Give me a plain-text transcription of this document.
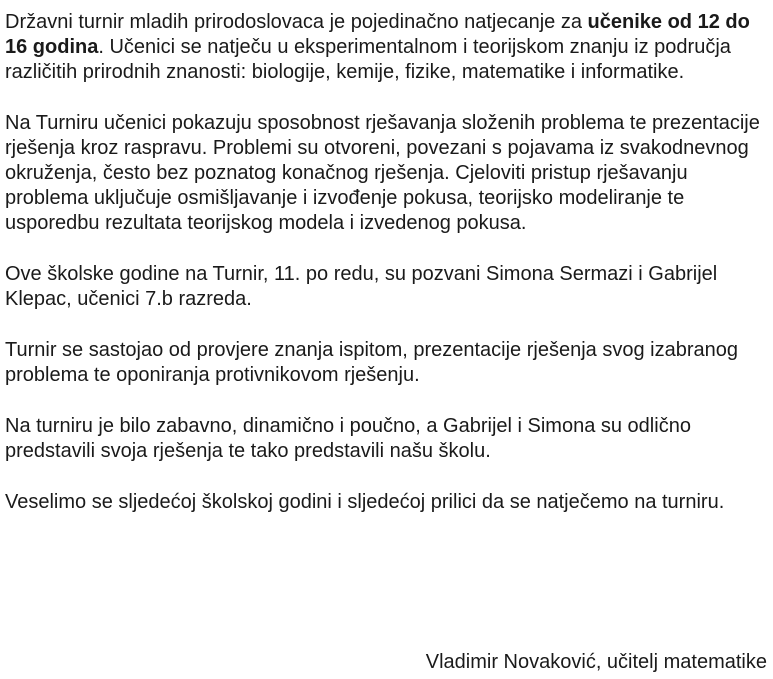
Državni turnir mladih prirodoslovaca je pojedinačno natjecanje za učenike od 12 do 16 godina. Učenici se natječu u eksperimentalnom i teorijskom znanju iz područja različitih prirodnih znanosti: biologije, kemije, fizike, matematike i informatike.

Na Turniru učenici pokazuju sposobnost rješavanja složenih problema te prezentacije rješenja kroz raspravu. Problemi su otvoreni, povezani s pojavama iz svakodnevnog okruženja, često bez poznatog konačnog rješenja. Cjeloviti pristup rješavanju problema uključuje osmišljavanje i izvođenje pokusa, teorijsko modeliranje te usporedbu rezultata teorijskog modela i izvedenog pokusa.

Ove školske godine na Turnir, 11. po redu, su pozvani Simona Sermazi i Gabrijel Klepac, učenici 7.b razreda.

Turnir se sastojao od provjere znanja ispitom, prezentacije rješenja svog izabranog problema te oponiranja protivnikovom rješenju.

Na turniru je bilo zabavno, dinamično i poučno, a Gabrijel i Simona su odlično predstavili svoja rješenja te tako predstavili našu školu.

Veselimo se sljedećoj školskoj godini i sljedećoj prilici da se natječemo na turniru.

Vladimir Novaković, učitelj matematike
